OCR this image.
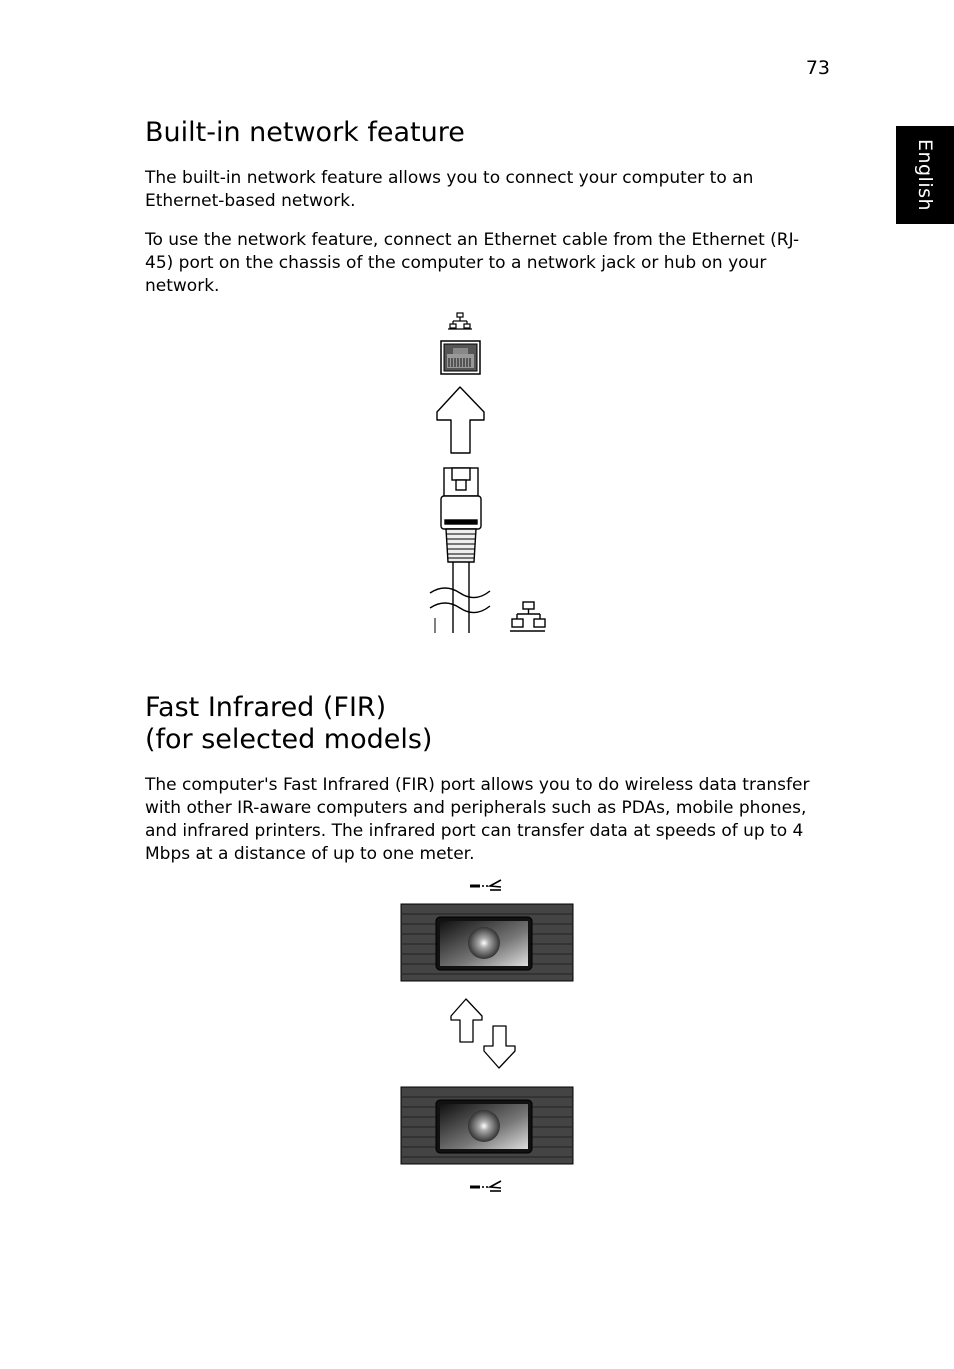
73
English
Built-in network feature

The built-in network feature allows you to connect your computer to an Ethernet-based network.

To use the network feature, connect an Ethernet cable from the Ethernet (RJ-45) port on the chassis of the computer to a network jack or hub on your network.

Fast Infrared (FIR)
(for selected models)

The computer's Fast Infrared (FIR) port allows you to do wireless data transfer with other IR-aware computers and peripherals such as PDAs, mobile phones, and infrared printers. The infrared port can transfer data at speeds of up to 4 Mbps at a distance of up to one meter.
